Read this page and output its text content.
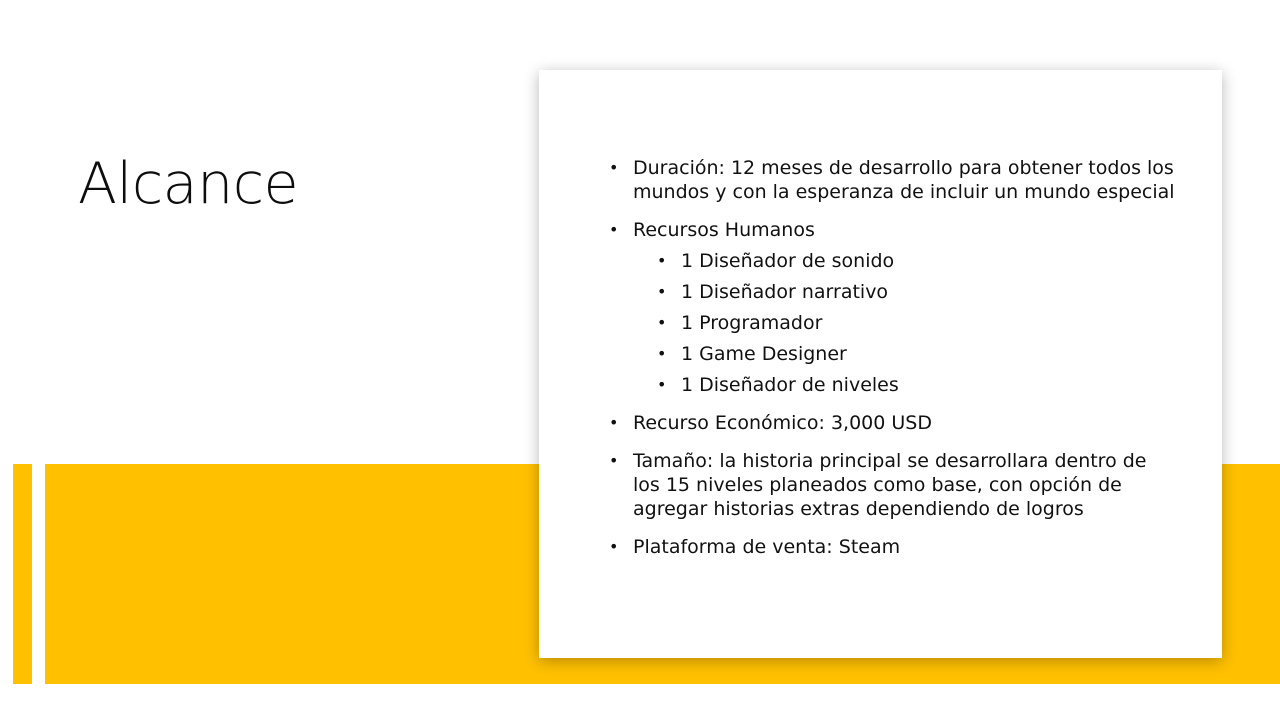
Alcance	• Duración: 12 meses de desarrollo para obtener todos los mundos y con la esperanza de incluir un mundo especial
• Recursos Humanos
• 1 Diseñador de sonido
• 1 Diseñador narrativo
• 1 Programador
• 1 Game Designer
• 1 Diseñador de niveles
• Recurso Económico: 3,000 USD
• Tamaño: la historia principal se desarrollara dentro de los 15 niveles planeados como base, con opción de agregar historias extras dependiendo de logros
• Plataforma de venta: Steam
